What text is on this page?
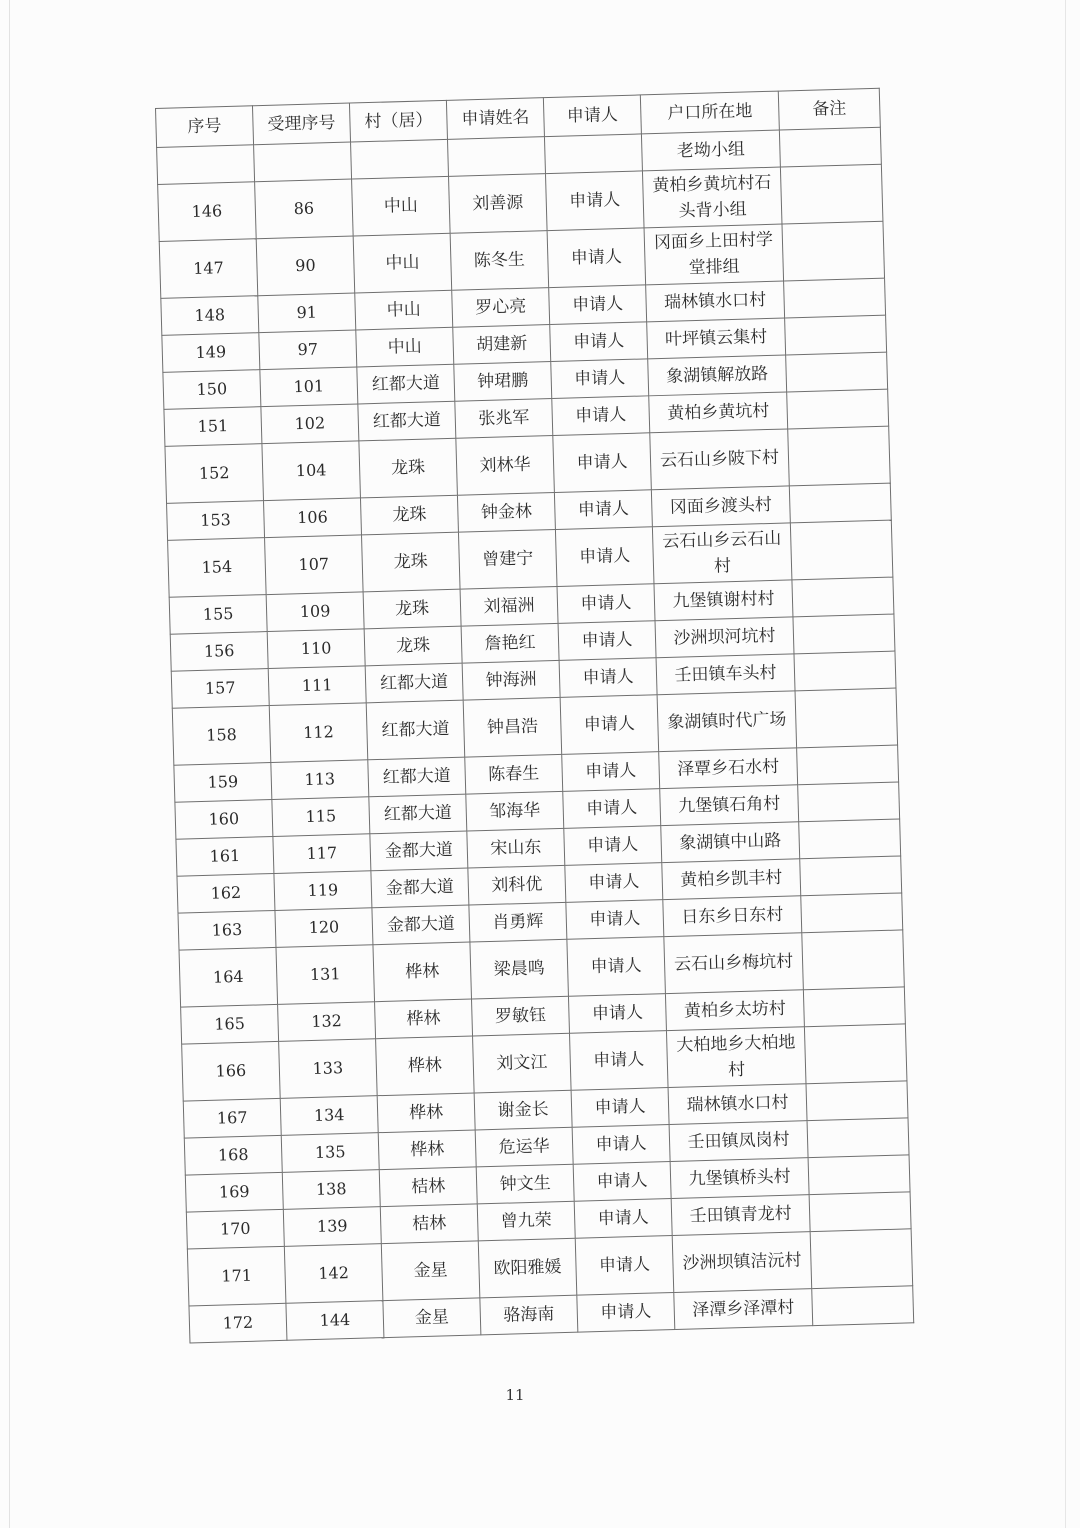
序号	受理序号	村（居）	申请姓名	申请人	户口所在地	备注
					老坳小组	
146	86	中山	刘善源	申请人	黄柏乡黄坑村石头背小组	
147	90	中山	陈冬生	申请人	冈面乡上田村学堂排组	
148	91	中山	罗心亮	申请人	瑞林镇水口村	
149	97	中山	胡建新	申请人	叶坪镇云集村	
150	101	红都大道	钟珺鹏	申请人	象湖镇解放路	
151	102	红都大道	张兆军	申请人	黄柏乡黄坑村	
152	104	龙珠	刘林华	申请人	云石山乡陂下村	
153	106	龙珠	钟金林	申请人	冈面乡渡头村	
154	107	龙珠	曾建宁	申请人	云石山乡云石山村	
155	109	龙珠	刘福洲	申请人	九堡镇谢村村	
156	110	龙珠	詹艳红	申请人	沙洲坝河坑村	
157	111	红都大道	钟海洲	申请人	壬田镇车头村	
158	112	红都大道	钟昌浩	申请人	象湖镇时代广场	
159	113	红都大道	陈春生	申请人	泽覃乡石水村	
160	115	红都大道	邹海华	申请人	九堡镇石角村	
161	117	金都大道	宋山东	申请人	象湖镇中山路	
162	119	金都大道	刘科优	申请人	黄柏乡凯丰村	
163	120	金都大道	肖勇辉	申请人	日东乡日东村	
164	131	桦林	梁晨鸣	申请人	云石山乡梅坑村	
165	132	桦林	罗敏钰	申请人	黄柏乡太坊村	
166	133	桦林	刘文江	申请人	大柏地乡大柏地村	
167	134	桦林	谢金长	申请人	瑞林镇水口村	
168	135	桦林	危运华	申请人	壬田镇凤岗村	
169	138	桔林	钟文生	申请人	九堡镇桥头村	
170	139	桔林	曾九荣	申请人	壬田镇青龙村	
171	142	金星	欧阳雅媛	申请人	沙洲坝镇洁沅村	
172	144	金星	骆海南	申请人	泽潭乡泽潭村	
11
